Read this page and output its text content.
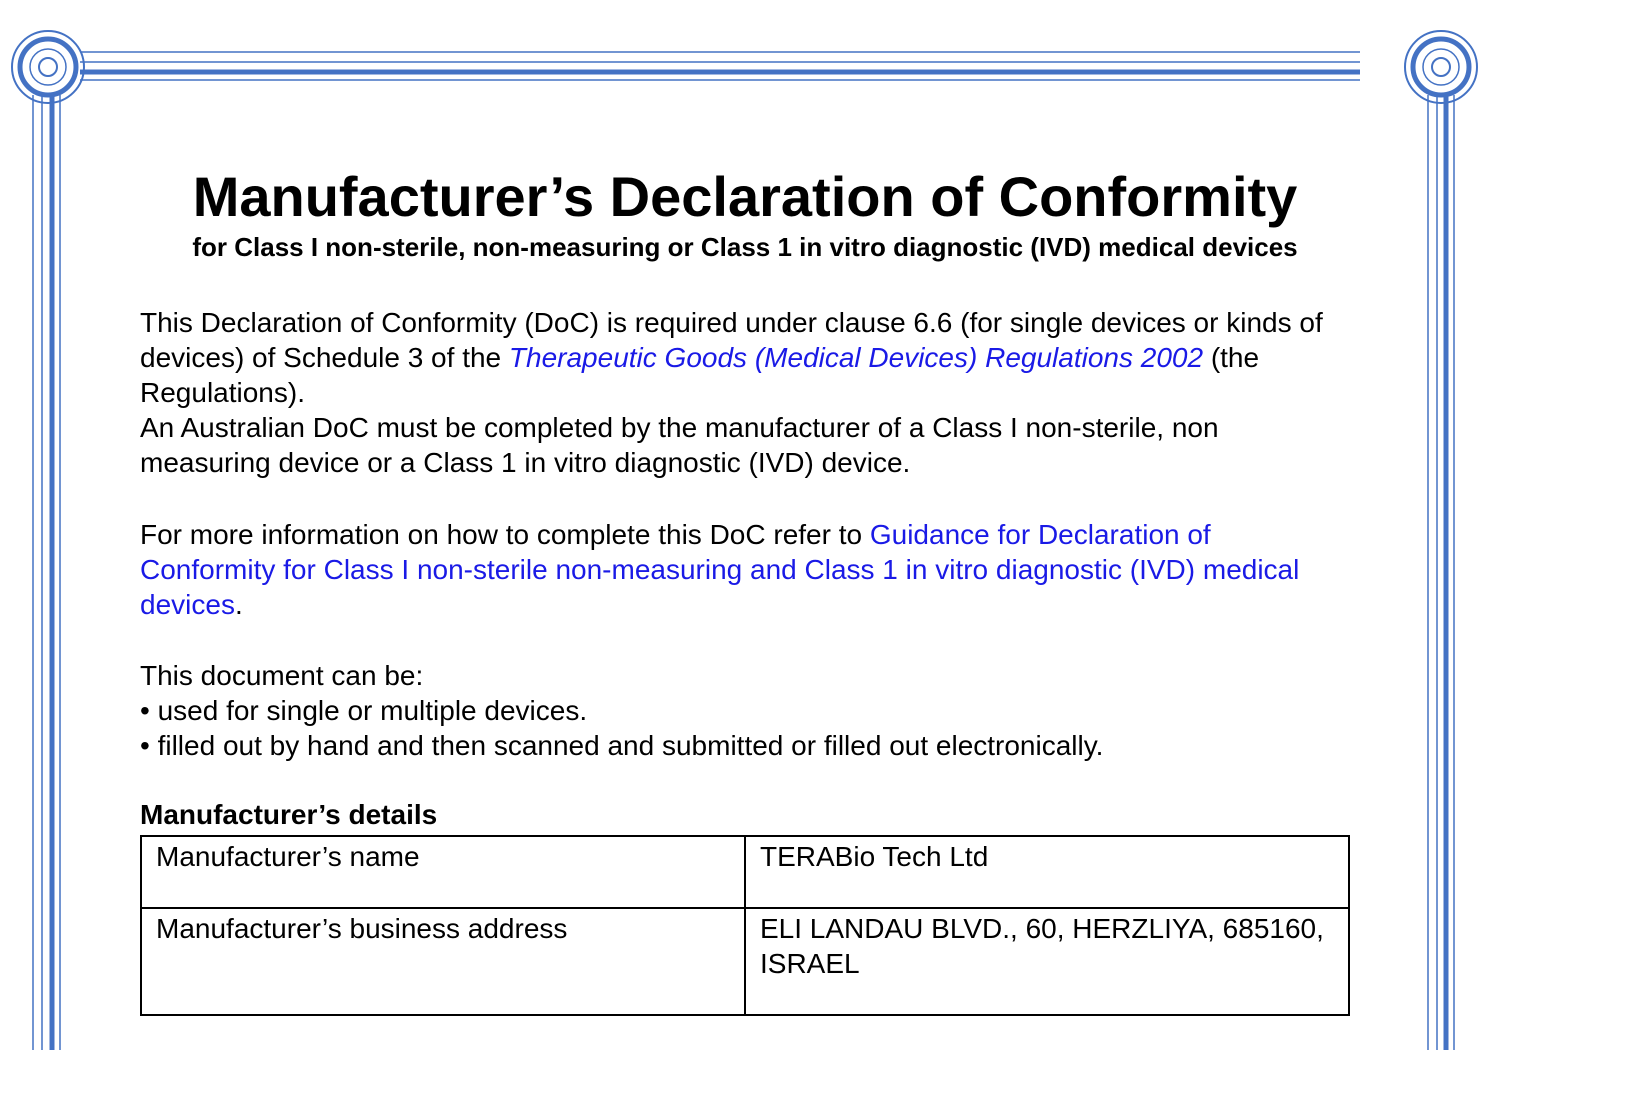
Manufacturer’s Declaration of Conformity
for Class I non-sterile, non-measuring or Class 1 in vitro diagnostic (IVD) medical devices

This Declaration of Conformity (DoC) is required under clause 6.6 (for single devices or kinds of devices) of Schedule 3 of the Therapeutic Goods (Medical Devices) Regulations 2002 (the Regulations).
An Australian DoC must be completed by the manufacturer of a Class I non-sterile, non measuring device or a Class 1 in vitro diagnostic (IVD) device.

For more information on how to complete this DoC refer to Guidance for Declaration of Conformity for Class I non-sterile non-measuring and Class 1 in vitro diagnostic (IVD) medical devices.

This document can be:
• used for single or multiple devices.
• filled out by hand and then scanned and submitted or filled out electronically.

Manufacturer’s details
Manufacturer’s name	TERABio Tech Ltd
Manufacturer’s business address	ELI LANDAU BLVD., 60, HERZLIYA, 685160, ISRAEL
